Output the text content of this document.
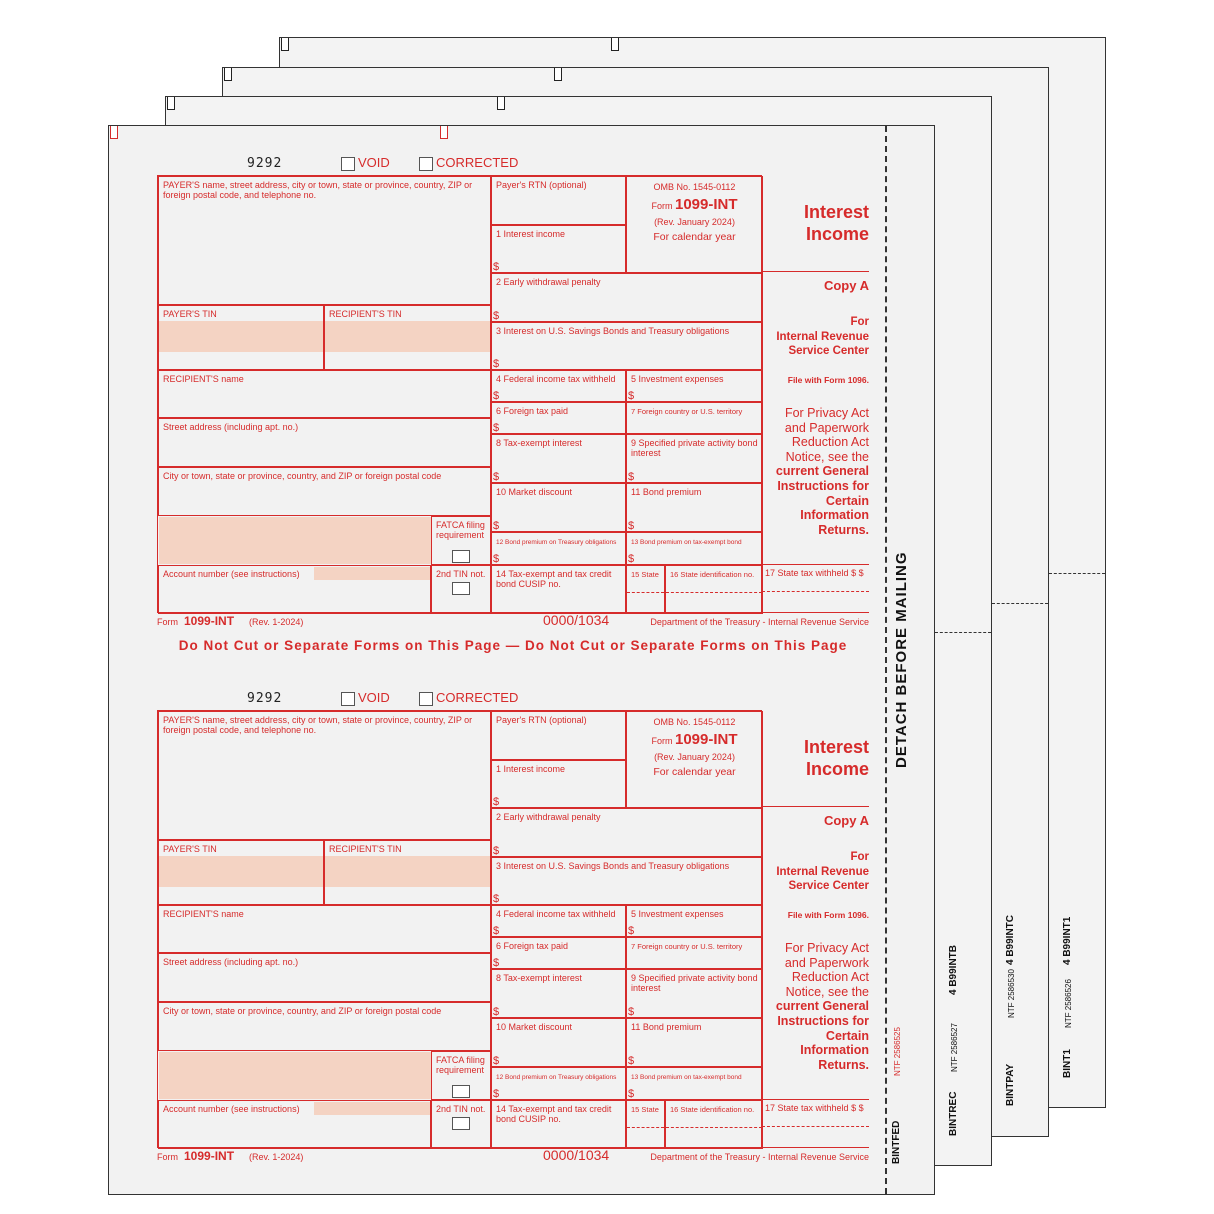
BINT1
NTF 2586526
4 B99INT1
BINTPAY
NTF 2586530
4 B99INTC
BINTREC
NTF 2586527
4 B99INTB
DETACH BEFORE MAILING
BINTFED
NTF 2586525
9292	VOID	CORRECTED
PAYER'S name, street address, city or town, state or province, country, ZIP or foreign postal code, and telephone no.
PAYER'S TIN	RECIPIENT'S TIN
RECIPIENT'S name
Street address (including apt. no.)
City or town, state or province, country, and ZIP or foreign postal code
FATCA filing requirement
Account number (see instructions)	2nd TIN not.
Payer's RTN (optional)	OMB No. 1545-0112
Form 1099-INT
(Rev. January 2024)
For calendar year
1 Interest income
$
2 Early withdrawal penalty
$
3 Interest on U.S. Savings Bonds and Treasury obligations
$
4 Federal income tax withheld
$
5 Investment expenses
$
6 Foreign tax paid
$
7 Foreign country or U.S. territory
8 Tax-exempt interest
$
9 Specified private activity bond interest
$
10 Market discount
$
11 Bond premium
$
12 Bond premium on Treasury obligations
$
13 Bond premium on tax-exempt bond
$
14 Tax-exempt and tax credit bond CUSIP no.
15 State	16 State identification no.
Interest
Income
Copy A
For
Internal Revenue
Service Center
File with Form 1096.
For Privacy Act
and Paperwork
Reduction Act
Notice, see the
current General
Instructions for
Certain
Information
Returns.
17 State tax withheld $ $
Form 1099-INT (Rev. 1-2024)	0000/1034	Department of the Treasury - Internal Revenue Service
Do Not Cut or Separate Forms on This Page — Do Not Cut or Separate Forms on This Page
9292	VOID	CORRECTED
PAYER'S name, street address, city or town, state or province, country, ZIP or foreign postal code, and telephone no.
PAYER'S TIN	RECIPIENT'S TIN
RECIPIENT'S name
Street address (including apt. no.)
City or town, state or province, country, and ZIP or foreign postal code
FATCA filing requirement
Account number (see instructions)	2nd TIN not.
Payer's RTN (optional)	OMB No. 1545-0112
Form 1099-INT
(Rev. January 2024)
For calendar year
1 Interest income
$
2 Early withdrawal penalty
$
3 Interest on U.S. Savings Bonds and Treasury obligations
$
4 Federal income tax withheld
$
5 Investment expenses
$
6 Foreign tax paid
$
7 Foreign country or U.S. territory
8 Tax-exempt interest
$
9 Specified private activity bond interest
$
10 Market discount
$
11 Bond premium
$
12 Bond premium on Treasury obligations
$
13 Bond premium on tax-exempt bond
$
14 Tax-exempt and tax credit bond CUSIP no.
15 State	16 State identification no.
Interest
Income
Copy A
For
Internal Revenue
Service Center
File with Form 1096.
For Privacy Act
and Paperwork
Reduction Act
Notice, see the
current General
Instructions for
Certain
Information
Returns.
17 State tax withheld $ $
Form 1099-INT (Rev. 1-2024)	0000/1034	Department of the Treasury - Internal Revenue Service
